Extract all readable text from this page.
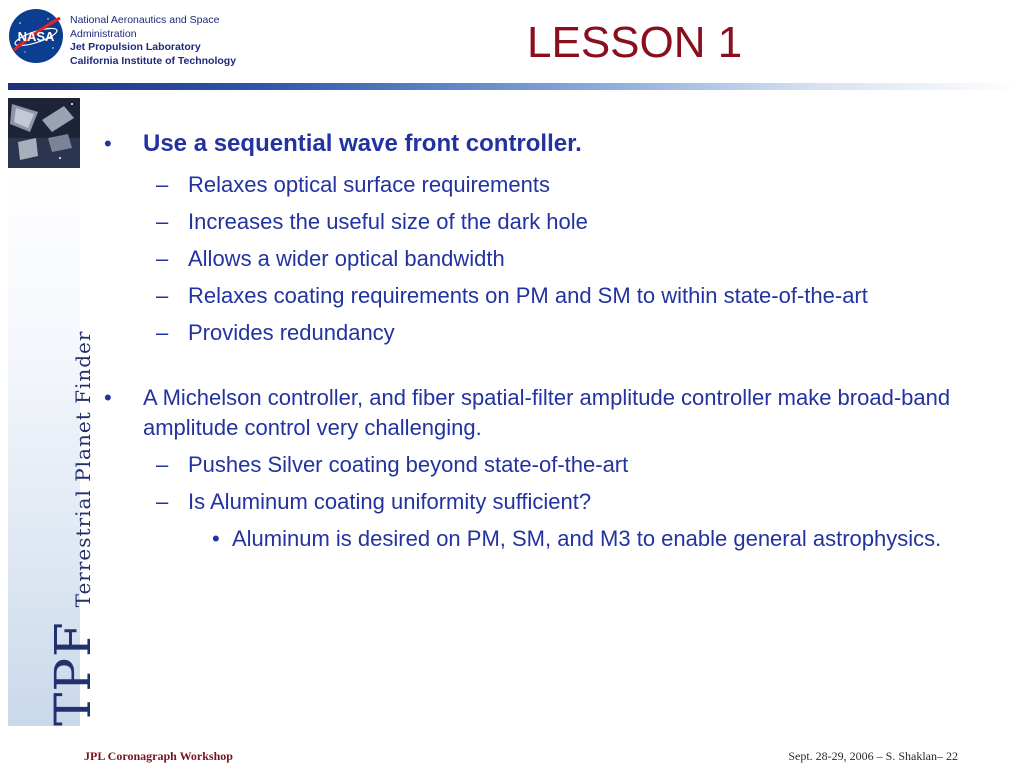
NASA
National Aeronautics and Space
Administration
Jet Propulsion Laboratory
California Institute of Technology	LESSON 1
TPFTerrestrial Planet Finder
• Use a sequential wave front controller.
– Relaxes optical surface requirements
– Increases the useful size of the dark hole
– Allows a wider optical bandwidth
– Relaxes coating requirements on PM and SM to within state-of-the-art
– Provides redundancy
• A Michelson controller, and fiber spatial-filter amplitude controller make broad-band amplitude control very challenging.
– Pushes Silver coating beyond state-of-the-art
– Is Aluminum coating uniformity sufficient?
• Aluminum is desired on PM, SM, and M3 to enable general astrophysics.
JPL Coronagraph Workshop	Sept. 28-29, 2006 – S. Shaklan– 22
